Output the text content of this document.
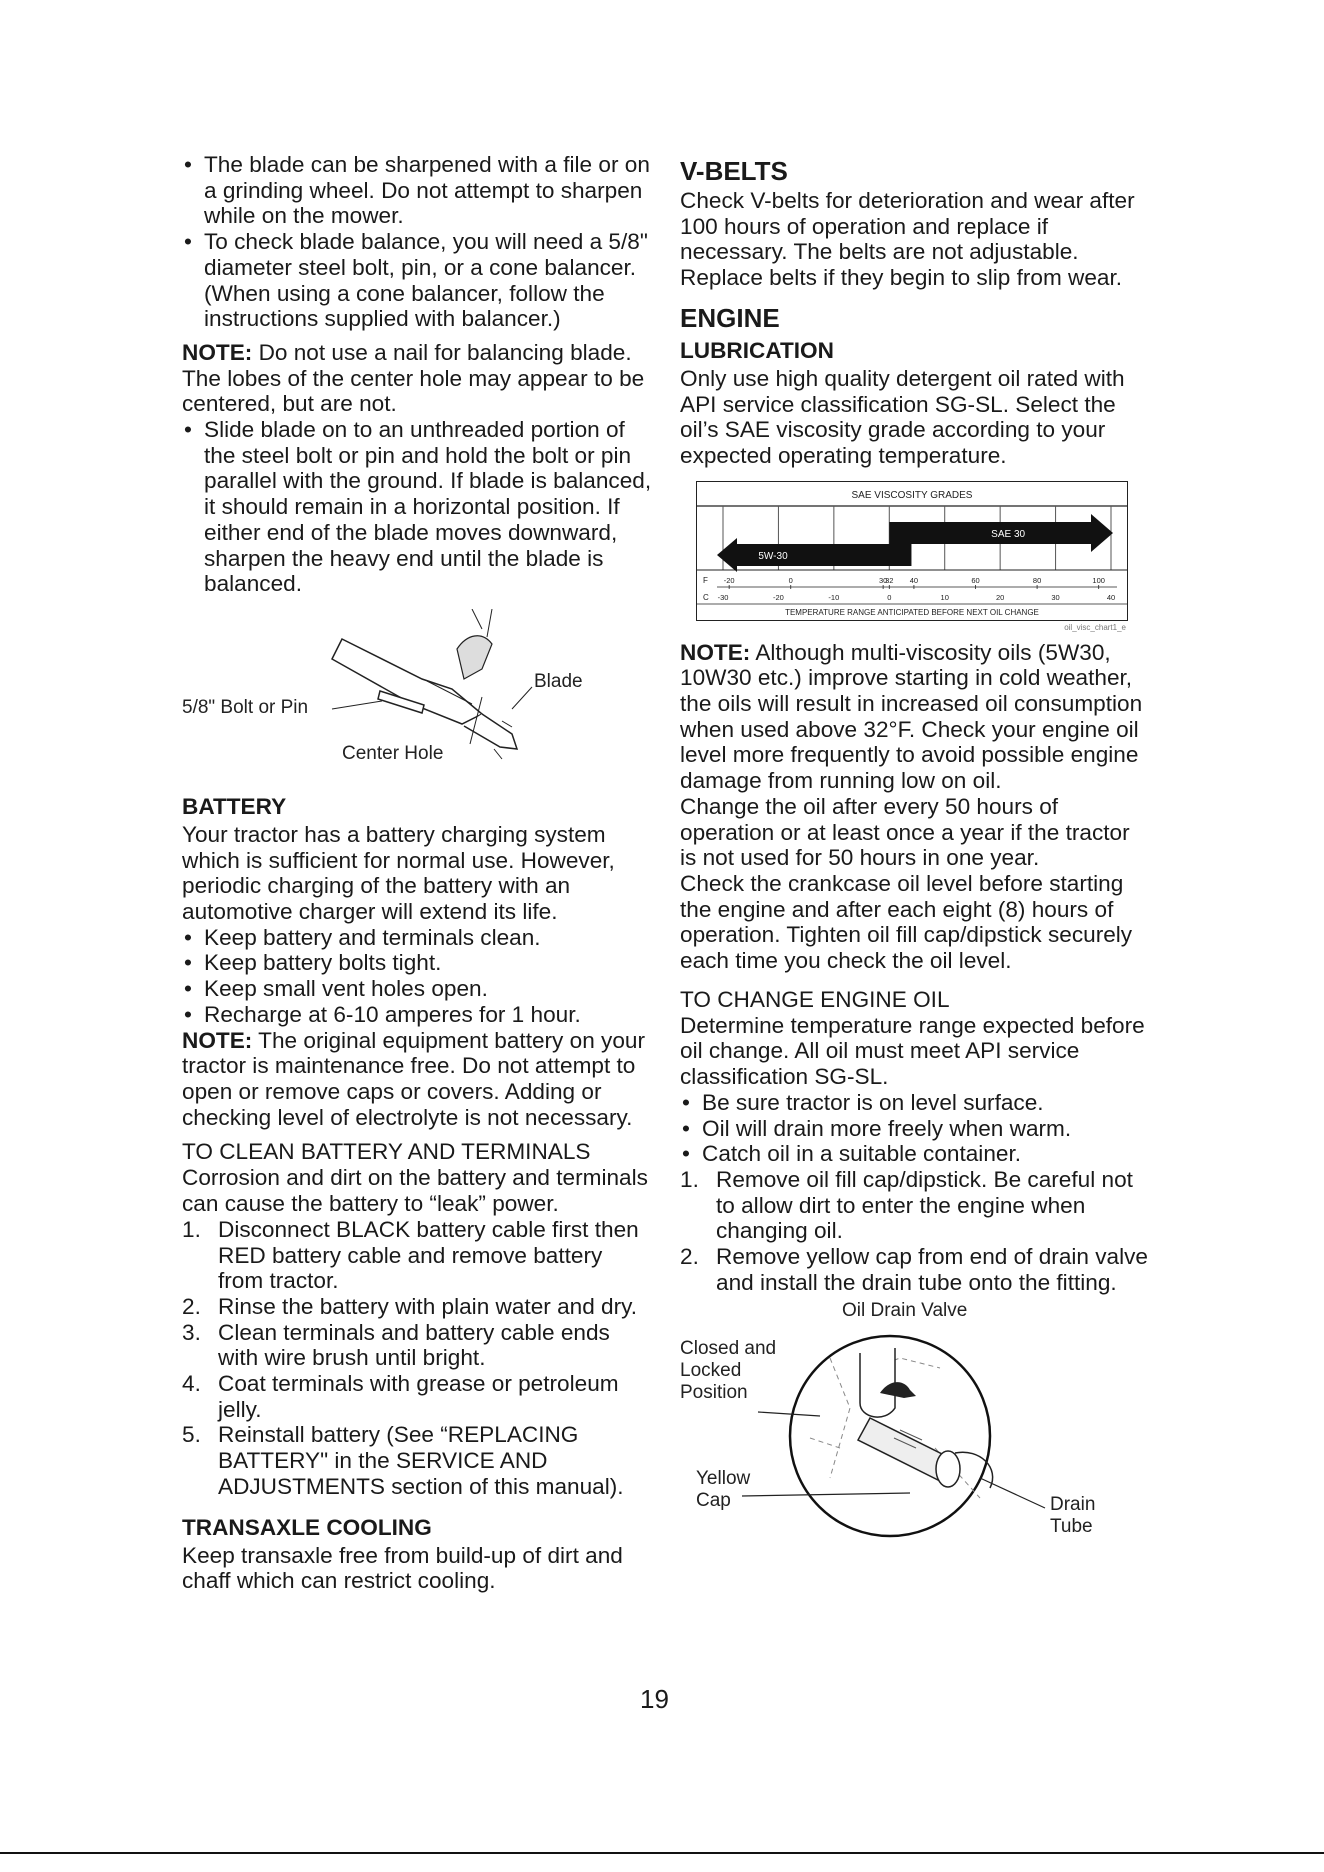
• The blade can be sharpened with a file or on a grinding wheel. Do not attempt to sharpen while on the mower.
• To check blade balance, you will need a 5/8" diameter steel bolt, pin, or a cone balancer. (When using a cone balancer, follow the instructions supplied with balancer.)

NOTE: Do not use a nail for balancing blade. The lobes of the center hole may appear to be centered, but are not.

• Slide blade on to an unthreaded portion of the steel bolt or pin and hold the bolt or pin parallel with the ground. If blade is balanced, it should remain in a horizontal position. If either end of the blade moves downward, sharpen the heavy end until the blade is balanced.
5/8" Bolt or Pin
Blade
Center Hole
BATTERY

Your tractor has a battery charging system which is sufficient for normal use. However, periodic charging of the battery with an automotive charger will extend its life.

• Keep battery and terminals clean.
• Keep battery bolts tight.
• Keep small vent holes open.
• Recharge at 6-10 amperes for 1 hour.

NOTE: The original equipment battery on your tractor is maintenance free. Do not attempt to open or remove caps or covers. Adding or checking level of electrolyte is not necessary.

TO CLEAN BATTERY AND TERMINALS

Corrosion and dirt on the battery and terminals can cause the battery to “leak” power.

1. Disconnect BLACK battery cable first then RED battery cable and remove battery from tractor.
2. Rinse the battery with plain water and dry.
3. Clean terminals and battery cable ends with wire brush until bright.
4. Coat terminals with grease or petroleum jelly.
5. Reinstall battery (See “REPLACING BATTERY" in the SERVICE AND ADJUSTMENTS section of this manual).
TRANSAXLE COOLING

Keep transaxle free from build-up of dirt and chaff which can restrict cooling.

V-BELTS

Check V-belts for deterioration and wear after 100 hours of operation and replace if necessary. The belts are not adjustable. Replace belts if they begin to slip from wear.

ENGINE
LUBRICATION

Only use high quality detergent oil rated with API service classification SG-SL. Select the oil’s SAE viscosity grade according to your expected operating temperature.

SAE VISCOSITY GRADES
SAE 30
5W-30
F -20	0	30
32 40	60	80	100
C -30	-20	-10	0	10	20	30	40
TEMPERATURE RANGE ANTICIPATED BEFORE NEXT OIL CHANGE
oil_visc_chart1_e

NOTE: Although multi-viscosity oils (5W30, 10W30 etc.) improve starting in cold weather, the oils will result in increased oil consumption when used above 32°F. Check your engine oil level more frequently to avoid possible engine damage from running low on oil.

Change the oil after every 50 hours of operation or at least once a year if the tractor is not used for 50 hours in one year.

Check the crankcase oil level before starting the engine and after each eight (8) hours of operation. Tighten oil fill cap/dipstick securely each time you check the oil level.

TO CHANGE ENGINE OIL

Determine temperature range expected before oil change. All oil must meet API service classification SG-SL.

• Be sure tractor is on level surface.
• Oil will drain more freely when warm.
• Catch oil in a suitable container.
1. Remove oil fill cap/dipstick. Be careful not to allow dirt to enter the engine when changing oil.
2. Remove yellow cap from end of drain valve and install the drain tube onto the fitting.
Oil Drain Valve
Closed and Locked Position
Yellow Cap	Drain Tube
19
